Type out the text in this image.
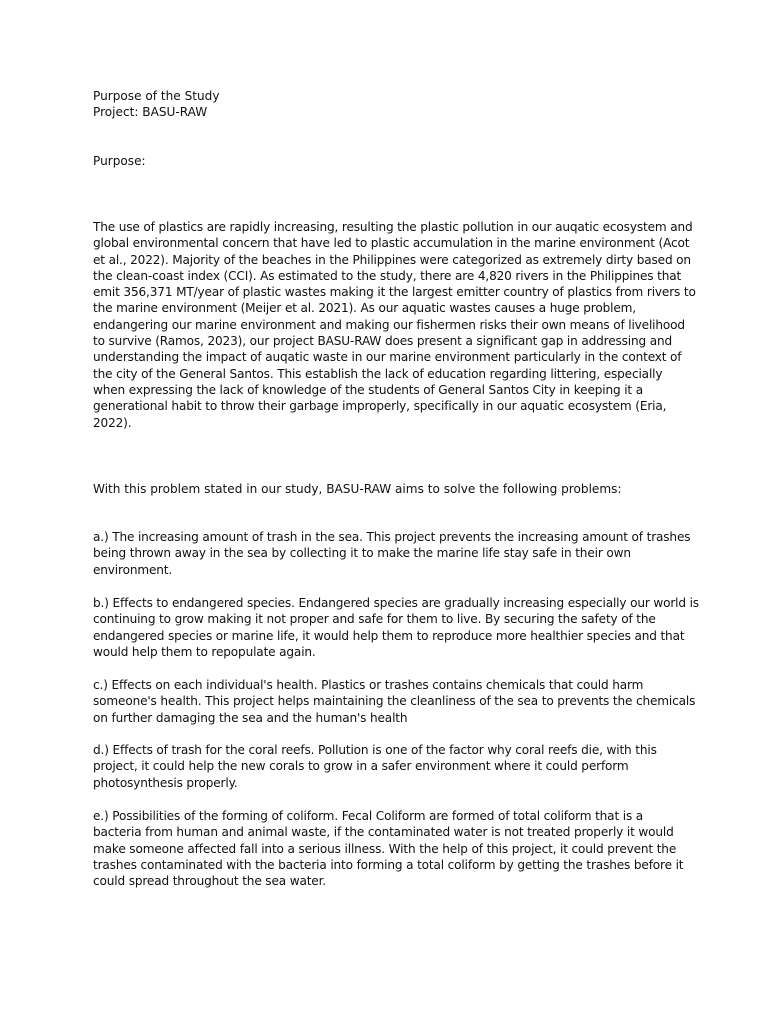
Purpose of the Study
Project: BASU-RAW

Purpose:

The use of plastics are rapidly increasing, resulting the plastic pollution in our auqatic ecosystem and
global environmental concern that have led to plastic accumulation in the marine environment (Acot
et al., 2022). Majority of the beaches in the Philippines were categorized as extremely dirty based on
the clean-coast index (CCI). As estimated to the study, there are 4,820 rivers in the Philippines that
emit 356,371 MT/year of plastic wastes making it the largest emitter country of plastics from rivers to
the marine environment (Meijer et al. 2021). As our aquatic wastes causes a huge problem,
endangering our marine environment and making our fishermen risks their own means of livelihood
to survive (Ramos, 2023), our project BASU-RAW does present a significant gap in addressing and
understanding the impact of auqatic waste in our marine environment particularly in the context of
the city of the General Santos. This establish the lack of education regarding littering, especially
when expressing the lack of knowledge of the students of General Santos City in keeping it a
generational habit to throw their garbage improperly, specifically in our aquatic ecosystem (Eria,
2022).

With this problem stated in our study, BASU-RAW aims to solve the following problems:

a.) The increasing amount of trash in the sea. This project prevents the increasing amount of trashes
being thrown away in the sea by collecting it to make the marine life stay safe in their own
environment.

b.) Effects to endangered species. Endangered species are gradually increasing especially our world is
continuing to grow making it not proper and safe for them to live. By securing the safety of the
endangered species or marine life, it would help them to reproduce more healthier species and that
would help them to repopulate again.

c.) Effects on each individual's health. Plastics or trashes contains chemicals that could harm
someone's health. This project helps maintaining the cleanliness of the sea to prevents the chemicals
on further damaging the sea and the human's health

d.) Effects of trash for the coral reefs. Pollution is one of the factor why coral reefs die, with this
project, it could help the new corals to grow in a safer environment where it could perform
photosynthesis properly.

e.) Possibilities of the forming of coliform. Fecal Coliform are formed of total coliform that is a
bacteria from human and animal waste, if the contaminated water is not treated properly it would
make someone affected fall into a serious illness. With the help of this project, it could prevent the
trashes contaminated with the bacteria into forming a total coliform by getting the trashes before it
could spread throughout the sea water.
